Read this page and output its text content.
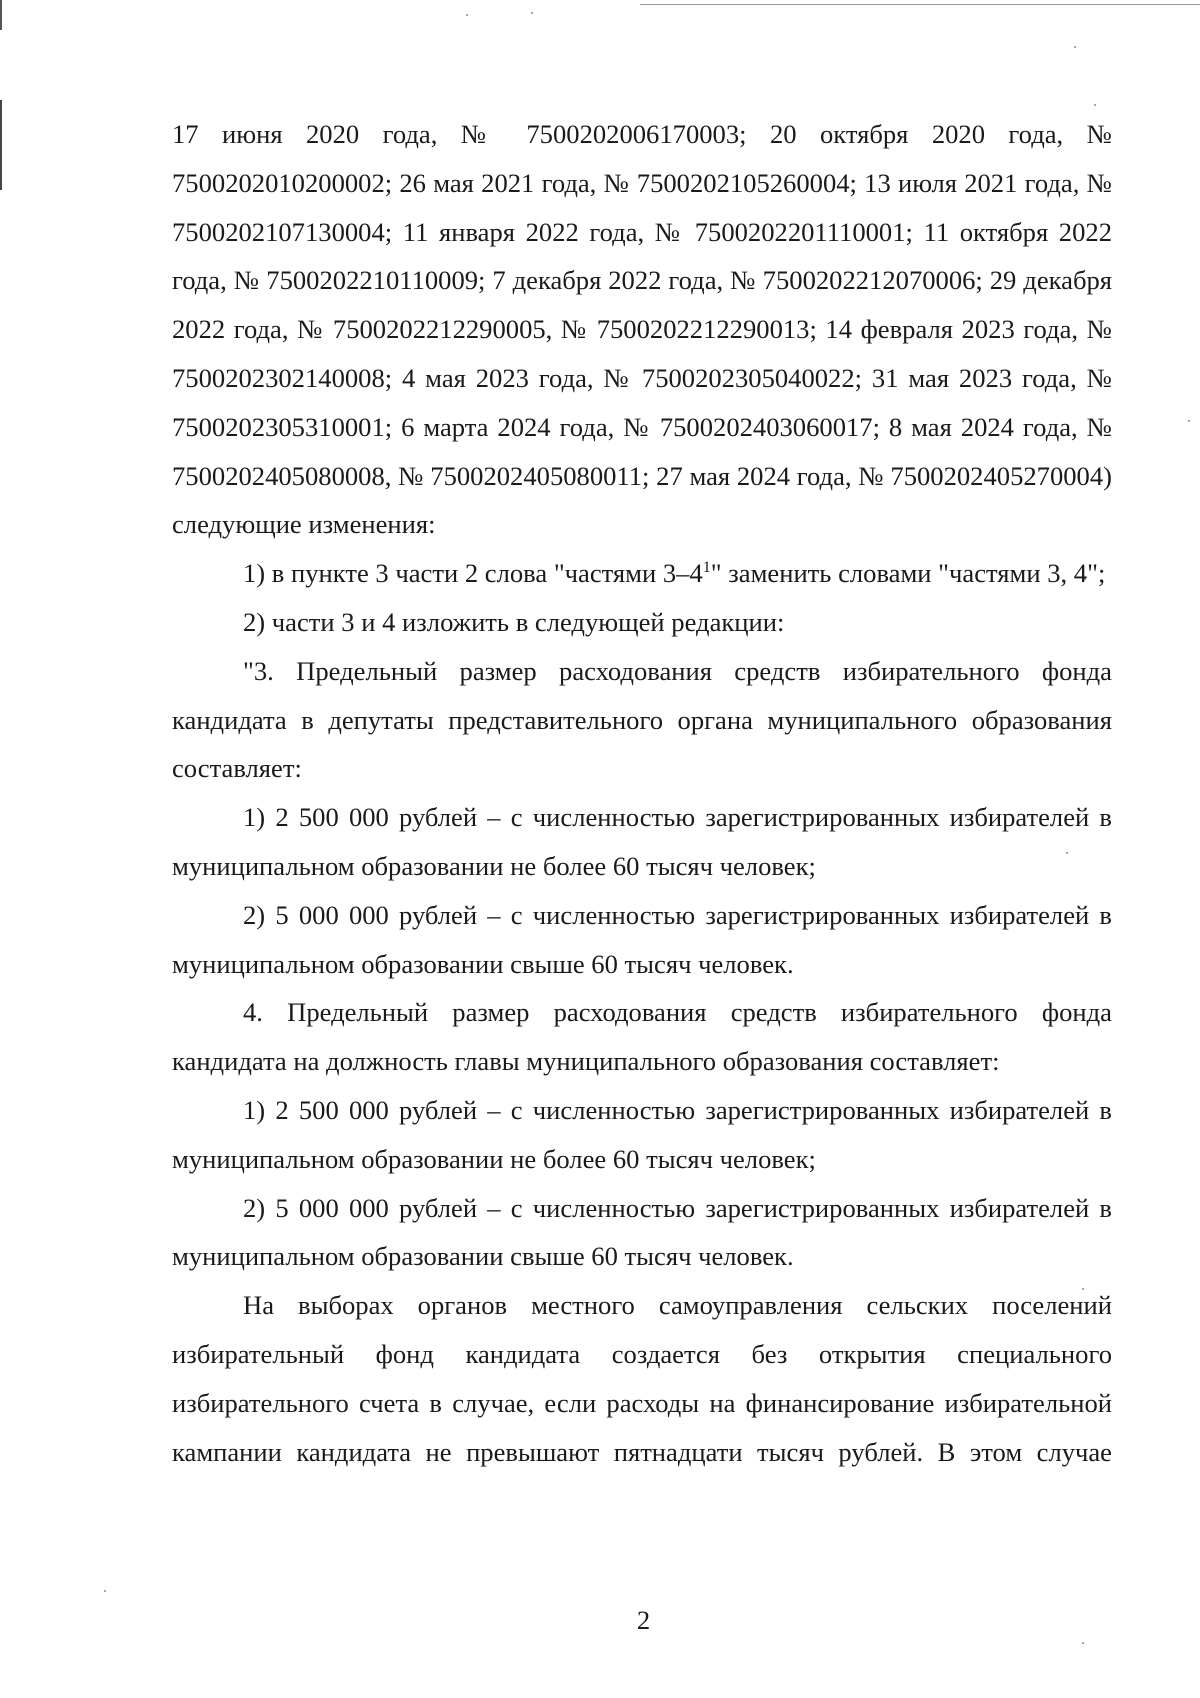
17 июня 2020 года, № 7500202006170003; 20 октября 2020 года, № 7500202010200002; 26 мая 2021 года, № 7500202105260004; 13 июля 2021 года, № 7500202107130004; 11 января 2022 года, № 7500202201110001; 11 октября 2022 года, № 7500202210110009; 7 декабря 2022 года, № 7500202212070006; 29 декабря 2022 года, № 7500202212290005, № 7500202212290013; 14 февраля 2023 года, № 7500202302140008; 4 мая 2023 года, № 7500202305040022; 31 мая 2023 года, № 7500202305310001; 6 марта 2024 года, № 7500202403060017; 8 мая 2024 года, № 7500202405080008, № 7500202405080011; 27 мая 2024 года, № 7500202405270004) следующие изменения:

1) в пункте 3 части 2 слова "частями $3-4^1$" заменить словами "частями 3, 4";

2) части 3 и 4 изложить в следующей редакции:

"3. Предельный размер расходования средств избирательного фонда кандидата в депутаты представительного органа муниципального образования составляет:

1) 2 500 000 рублей – с численностью зарегистрированных избирателей в муниципальном образовании не более 60 тысяч человек;

2) 5 000 000 рублей – с численностью зарегистрированных избирателей в муниципальном образовании свыше 60 тысяч человек.

4. Предельный размер расходования средств избирательного фонда кандидата на должность главы муниципального образования составляет:

1) 2 500 000 рублей – с численностью зарегистрированных избирателей в муниципальном образовании не более 60 тысяч человек;

2) 5 000 000 рублей – с численностью зарегистрированных избирателей в муниципальном образовании свыше 60 тысяч человек.

На выборах органов местного самоуправления сельских поселений избирательный фонд кандидата создается без открытия специального избирательного счета в случае, если расходы на финансирование избирательной кампании кандидата не превышают пятнадцати тысяч рублей. В этом случае

2
